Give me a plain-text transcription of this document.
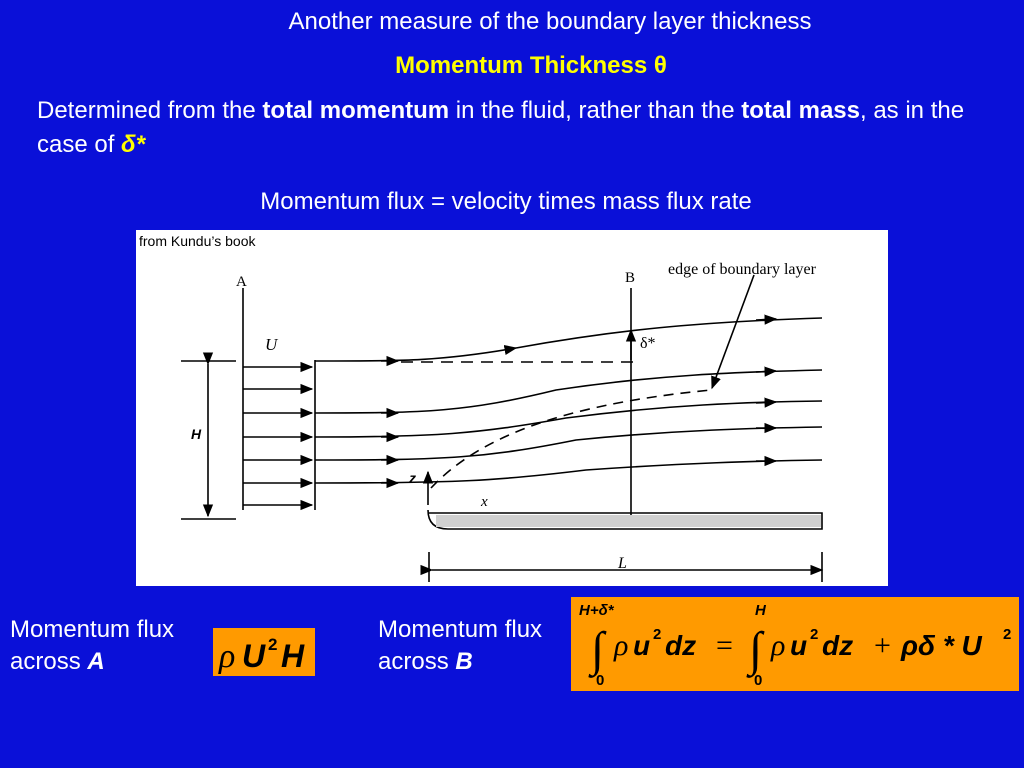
Another measure of the boundary layer thickness
Momentum Thickness θ
Determined from the total momentum in the fluid, rather than the total mass, as in the case of δ*
Momentum flux = velocity times mass flux rate
A	B edge of boundary layer
U	δ*
H
z
x
L
from Kundu’s book
Momentum flux
across A	ρ U 2 H
Momentum flux
across B
H+δ*
∫
0
ρ u 2 dz =
H
∫
0
ρ u 2 dz + ρδ * U 2
